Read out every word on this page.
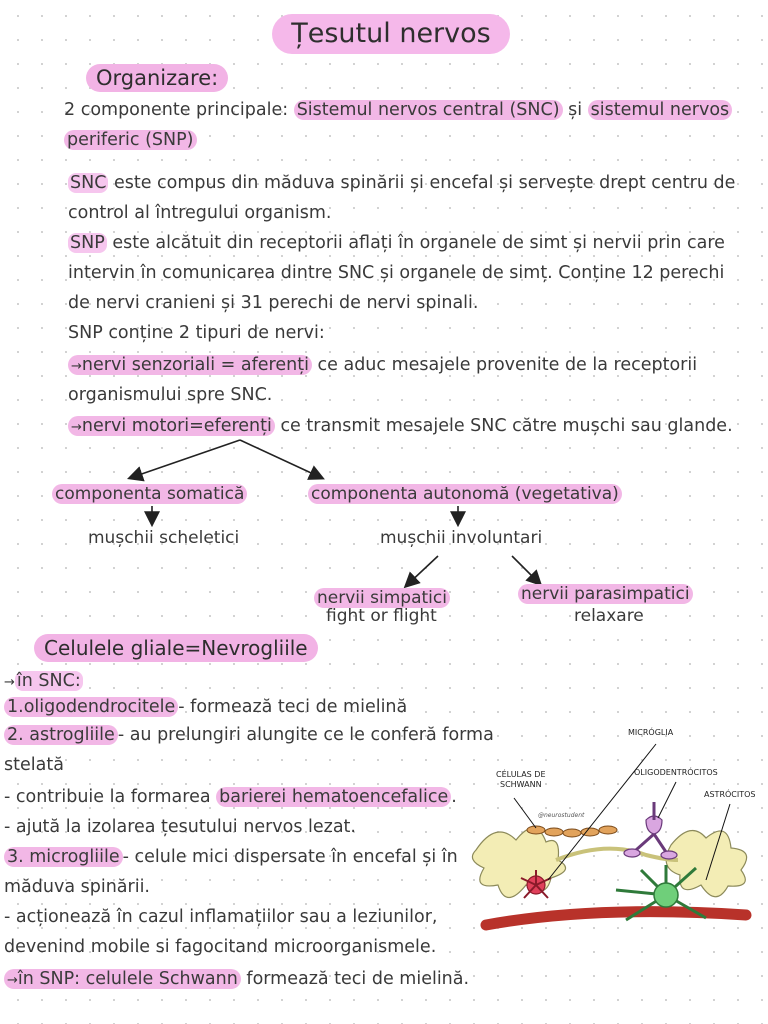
Țesutul nervos
Organizare:
2 componente principale: Sistemul nervos central (SNC) și sistemul nervos
periferic (SNP)
SNC este compus din măduva spinării și encefal și servește drept centru de
control al întregului organism.
SNP este alcătuit din receptorii aflați în organele de simt și nervii prin care
intervin în comunicarea dintre SNC și organele de simț. Conține 12 perechi
de nervi cranieni și 31 perechi de nervi spinali.
SNP conține 2 tipuri de nervi:
→nervi senzoriali = aferenți ce aduc mesajele provenite de la receptorii
organismului spre SNC.
→nervi motori=eferenți ce transmit mesajele SNC către mușchi sau glande.
componenta somatică	componenta autonomă (vegetativa)
mușchii scheletici	mușchii involuntari
nervii simpatici
fight or flight
nervii parasimpatici
relaxare
Celulele gliale=Nevrogliile
→ în SNC:
1.oligodendrocitele - formează teci de mielină
2. astrogliile - au prelungiri alungite ce le conferă forma
stelată
- contribuie la formarea barierei hematoencefalice .
- ajută la izolarea țesutului nervos lezat.
3. microgliile - celule mici dispersate în encefal și în
măduva spinării.
- acționează în cazul inflamațiilor sau a leziunilor,
devenind mobile si fagocitand microorganismele.
→în SNP: celulele Schwann formează teci de mielină.
MICRÓGLIA
CÉLULAS DE
SCHWANN
OLIGODENTRÓCITOS
ASTRÓCITOS
@neurostudent
